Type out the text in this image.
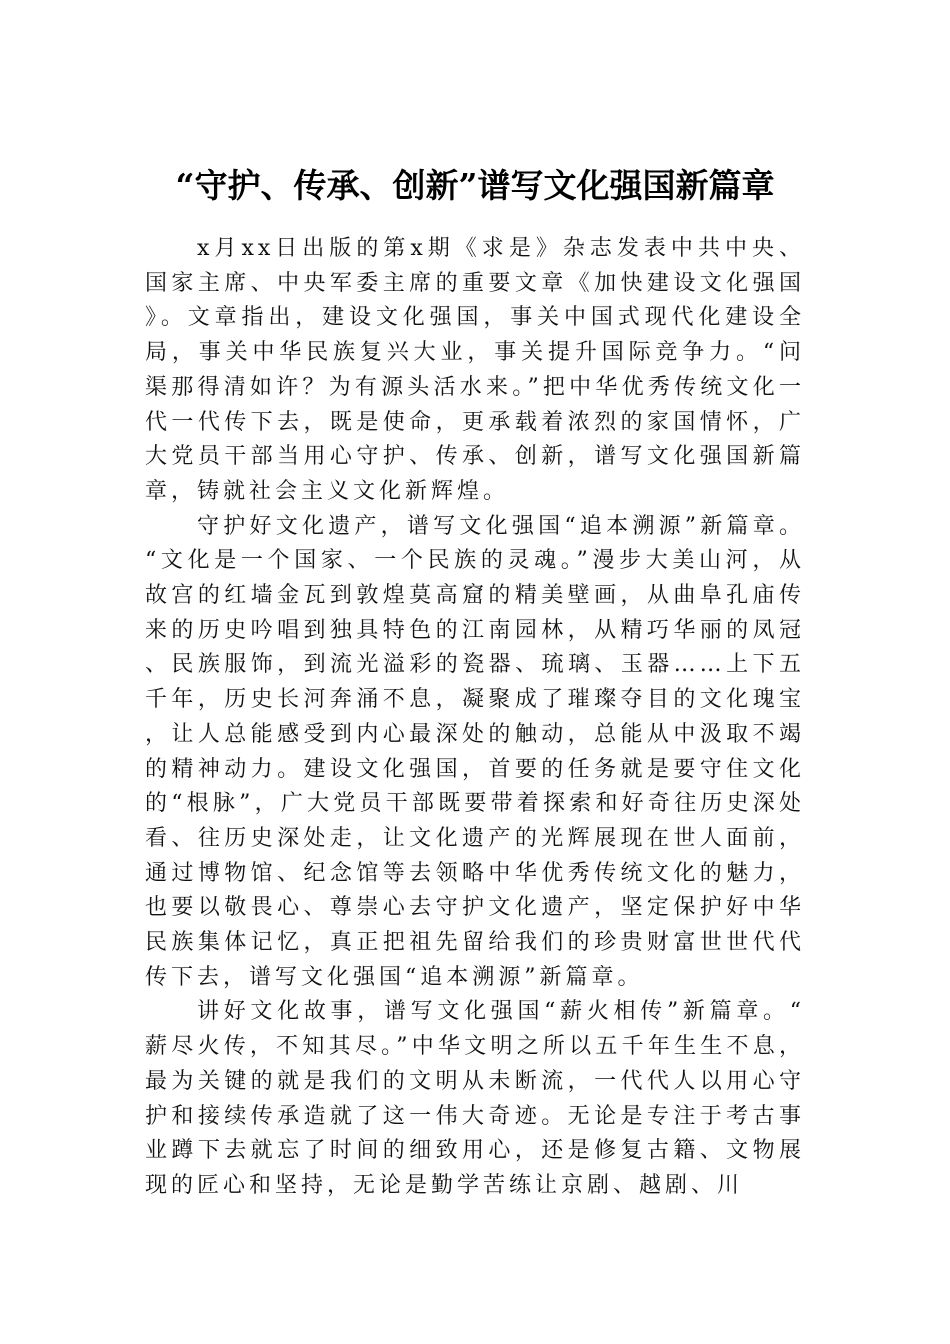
“守护、传承、创新”谱写文化强国新篇章

x月xx日出版的第x期《求是》杂志发表中共中央、国家主席、中央军委主席的重要文章《加快建设文化强国》。文章指出，建设文化强国，事关中国式现代化建设全局，事关中华民族复兴大业，事关提升国际竞争力。“问渠那得清如许？为有源头活水来。”把中华优秀传统文化一代一代传下去，既是使命，更承载着浓烈的家国情怀，广大党员干部当用心守护、传承、创新，谱写文化强国新篇章，铸就社会主义文化新辉煌。

守护好文化遗产，谱写文化强国“追本溯源”新篇章。“文化是一个国家、一个民族的灵魂。”漫步大美山河，从故宫的红墙金瓦到敦煌莫高窟的精美壁画，从曲阜孔庙传来的历史吟唱到独具特色的江南园林，从精巧华丽的凤冠、民族服饰，到流光溢彩的瓷器、琉璃、玉器……上下五千年，历史长河奔涌不息，凝聚成了璀璨夺目的文化瑰宝，让人总能感受到内心最深处的触动，总能从中汲取不竭的精神动力。建设文化强国，首要的任务就是要守住文化的“根脉”，广大党员干部既要带着探索和好奇往历史深处看、往历史深处走，让文化遗产的光辉展现在世人面前，通过博物馆、纪念馆等去领略中华优秀传统文化的魅力，也要以敬畏心、尊崇心去守护文化遗产，坚定保护好中华民族集体记忆，真正把祖先留给我们的珍贵财富世世代代传下去，谱写文化强国“追本溯源”新篇章。

讲好文化故事，谱写文化强国“薪火相传”新篇章。“薪尽火传，不知其尽。”中华文明之所以五千年生生不息，最为关键的就是我们的文明从未断流，一代代人以用心守护和接续传承造就了这一伟大奇迹。无论是专注于考古事业蹲下去就忘了时间的细致用心，还是修复古籍、文物展现的匠心和坚持，无论是勤学苦练让京剧、越剧、川
